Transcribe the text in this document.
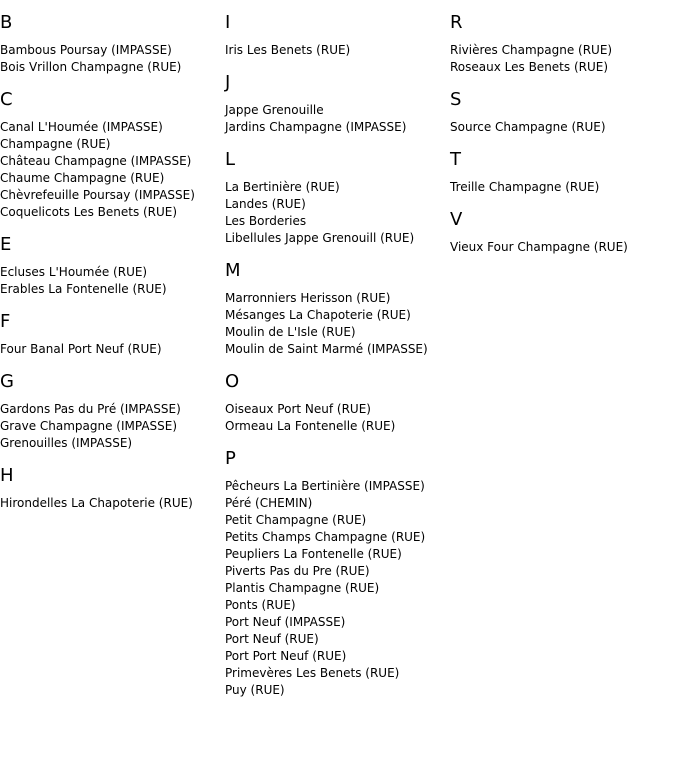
B
Bambous Poursay (IMPASSE)
Bois Vrillon Champagne (RUE)
C
Canal L'Houmée (IMPASSE)
Champagne (RUE)
Château Champagne (IMPASSE)
Chaume Champagne (RUE)
Chèvrefeuille Poursay (IMPASSE)
Coquelicots Les Benets (RUE)
E
Ecluses L'Houmée (RUE)
Erables La Fontenelle (RUE)
F
Four Banal Port Neuf (RUE)
G
Gardons Pas du Pré (IMPASSE)
Grave Champagne (IMPASSE)
Grenouilles (IMPASSE)
H
Hirondelles La Chapoterie (RUE)
I
Iris Les Benets (RUE)
J
Jappe Grenouille
Jardins Champagne (IMPASSE)
L
La Bertinière (RUE)
Landes (RUE)
Les Borderies
Libellules Jappe Grenouill (RUE)
M
Marronniers Herisson (RUE)
Mésanges La Chapoterie (RUE)
Moulin de L'Isle (RUE)
Moulin de Saint Marmé (IMPASSE)
O
Oiseaux Port Neuf (RUE)
Ormeau La Fontenelle (RUE)
P
Pêcheurs La Bertinière (IMPASSE)
Péré (CHEMIN)
Petit Champagne (RUE)
Petits Champs Champagne (RUE)
Peupliers La Fontenelle (RUE)
Piverts Pas du Pre (RUE)
Plantis Champagne (RUE)
Ponts (RUE)
Port Neuf (IMPASSE)
Port Neuf (RUE)
Port Port Neuf (RUE)
Primevères Les Benets (RUE)
Puy (RUE)
R
Rivières Champagne (RUE)
Roseaux Les Benets (RUE)
S
Source Champagne (RUE)
T
Treille Champagne (RUE)
V
Vieux Four Champagne (RUE)
